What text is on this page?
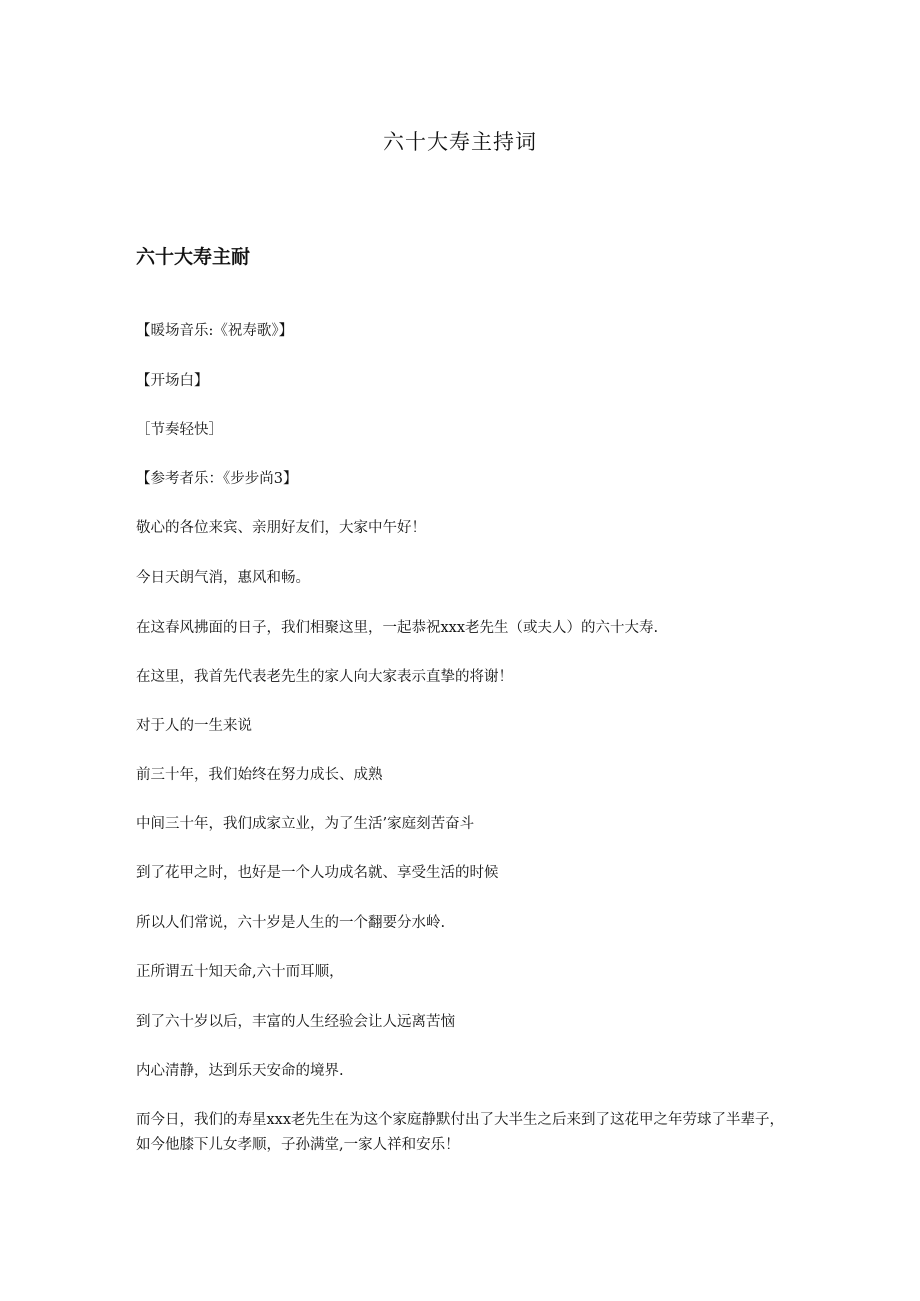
六十大寿主持词
六十大寿主耐

【暖场音乐:《祝寿歌》】

【开场白】

［节奏轻快］

【参考者乐：《步步尚3】

敬心的各位来宾、亲朋好友们，大家中午好！

今日天朗气消，惠风和畅。

在这春风拂面的日子，我们相聚这里，一起恭祝xxx老先生（或夫人）的六十大寿.

在这里，我首先代表老先生的家人向大家表示直挚的将谢！

对于人的一生来说

前三十年，我们始终在努力成长、成熟

中间三十年，我们成家立业，为了生活’家庭刻苦奋斗

到了花甲之时，也好是一个人功成名就、享受生活的时候

所以人们常说，六十岁是人生的一个翻要分水岭.

正所谓五十知天命,六十而耳顺，

到了六十岁以后，丰富的人生经验会让人远离苦恼

内心清静，达到乐天安命的境界.

而今日，我们的寿星xxx老先生在为这个家庭静默付出了大半生之后来到了这花甲之年劳球了半辈子，如今他膝下儿女孝顺，子孙满堂,一家人祥和安乐！
